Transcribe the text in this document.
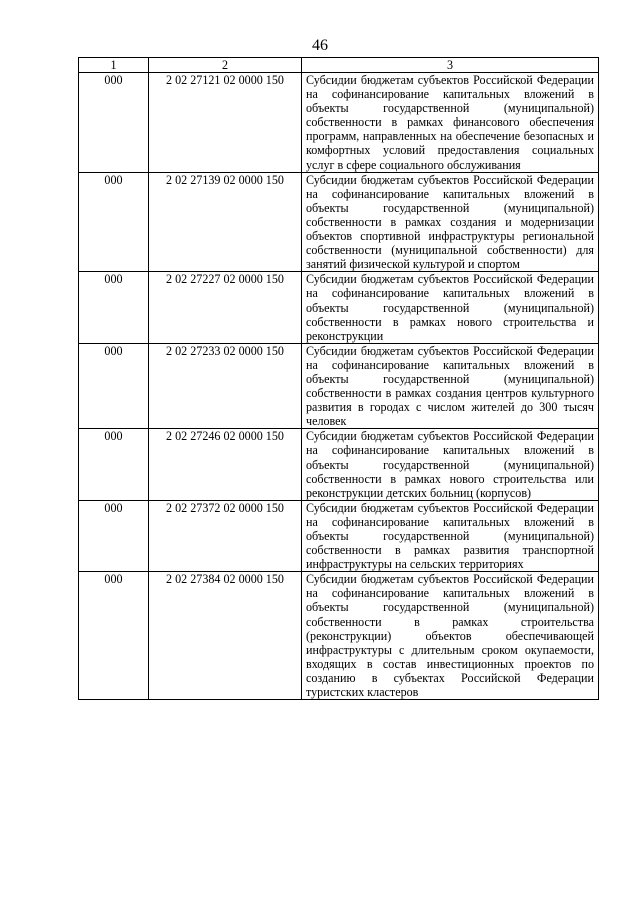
46
1	2	3
000	2 02 27121 02 0000 150	Субсидии бюджетам субъектов Российской Федерации на софинансирование капитальных вложений в объекты государственной (муниципальной) собственности в рамках финансового обеспечения программ, направленных на обеспечение безопасных и комфортных условий предоставления социальных услуг в сфере социального обслуживания
000	2 02 27139 02 0000 150	Субсидии бюджетам субъектов Российской Федерации на софинансирование капитальных вложений в объекты государственной (муниципальной) собственности в рамках создания и модернизации объектов спортивной инфраструктуры региональной собственности (муниципальной собственности) для занятий физической культурой и спортом
000	2 02 27227 02 0000 150	Субсидии бюджетам субъектов Российской Федерации на софинансирование капитальных вложений в объекты государственной (муниципальной) собственности в рамках нового строительства и реконструкции
000	2 02 27233 02 0000 150	Субсидии бюджетам субъектов Российской Федерации на софинансирование капитальных вложений в объекты государственной (муниципальной) собственности в рамках создания центров культурного развития в городах с числом жителей до 300 тысяч человек
000	2 02 27246 02 0000 150	Субсидии бюджетам субъектов Российской Федерации на софинансирование капитальных вложений в объекты государственной (муниципальной) собственности в рамках нового строительства или реконструкции детских больниц (корпусов)
000	2 02 27372 02 0000 150	Субсидии бюджетам субъектов Российской Федерации на софинансирование капитальных вложений в объекты государственной (муниципальной) собственности в рамках развития транспортной инфраструктуры на сельских территориях
000	2 02 27384 02 0000 150	Субсидии бюджетам субъектов Российской Федерации на софинансирование капитальных вложений в объекты государственной (муниципальной) собственности в рамках строительства (реконструкции) объектов обеспечивающей инфраструктуры с длительным сроком окупаемости, входящих в состав инвестиционных проектов по созданию в субъектах Российской Федерации туристских кластеров
